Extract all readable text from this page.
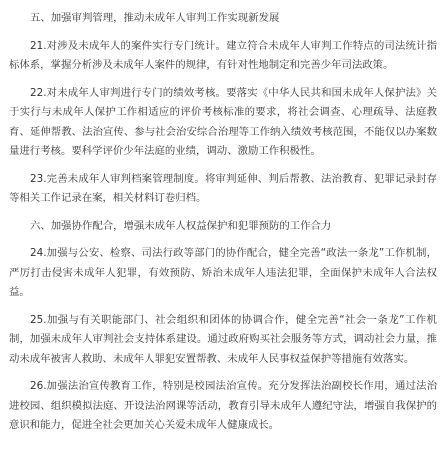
五、加强审判管理，推动未成年人审判工作实现新发展

21.对涉及未成年人的案件实行专门统计。建立符合未成年人审判工作特点的司法统计指标体系，掌握分析涉及未成年人案件的规律，有针对性地制定和完善少年司法政策。

22.对未成年人审判进行专门的绩效考核。要落实《中华人民共和国未成年人保护法》关于实行与未成年人保护工作相适应的评价考核标准的要求，将社会调查、心理疏导、法庭教育、延伸帮教、法治宣传、参与社会治安综合治理等工作纳入绩效考核范围，不能仅以办案数量进行考核。要科学评价少年法庭的业绩，调动、激励工作积极性。

23.完善未成年人审判档案管理制度。将审判延伸、判后帮教、法治教育、犯罪记录封存等相关工作记录在案，相关材料订卷归档。

六、加强协作配合，增强未成年人权益保护和犯罪预防的工作合力

24.加强与公安、检察、司法行政等部门的协作配合，健全完善“政法一条龙”工作机制，严厉打击侵害未成年人犯罪，有效预防、矫治未成年人违法犯罪，全面保护未成年人合法权益。

25.加强与有关职能部门、社会组织和团体的协调合作，健全完善“社会一条龙”工作机制，加强未成年人审判社会支持体系建设。通过政府购买社会服务等方式，调动社会力量，推动未成年被害人救助、未成年人罪犯安置帮教、未成年人民事权益保护等措施有效落实。

26.加强法治宣传教育工作，特别是校园法治宣传。充分发挥法治副校长作用，通过法治进校园、组织模拟法庭、开设法治网课等活动，教育引导未成年人遵纪守法，增强自我保护的意识和能力，促进全社会更加关心关爱未成年人健康成长。
